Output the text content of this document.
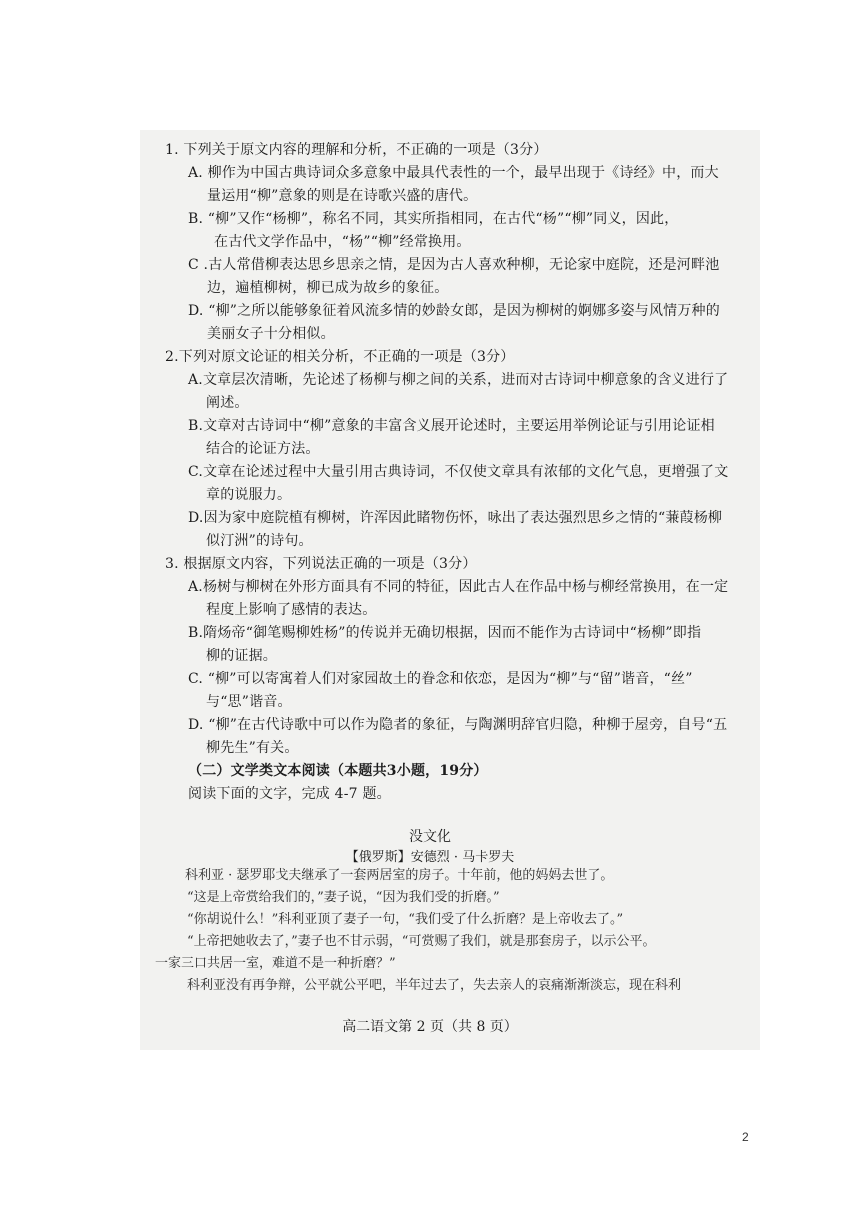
1. 下列关于原文内容的理解和分析，不正确的一项是（3分）
A. 柳作为中国古典诗词众多意象中最具代表性的一个，最早出现于《诗经》中，而大
量运用“柳”意象的则是在诗歌兴盛的唐代。
B. “柳”又作“杨柳”，称名不同，其实所指相同，在古代“杨”“柳”同义，因此，
在古代文学作品中，“杨”“柳”经常换用。
C .古人常借柳表达思乡思亲之情，是因为古人喜欢种柳，无论家中庭院，还是河畔池
边，遍植柳树，柳已成为故乡的象征。
D. “柳”之所以能够象征着风流多情的妙龄女郎，是因为柳树的婀娜多姿与风情万种的
美丽女子十分相似。
2.下列对原文论证的相关分析，不正确的一项是（3分）
A.文章层次清晰，先论述了杨柳与柳之间的关系，进而对古诗词中柳意象的含义进行了
阐述。
B.文章对古诗词中“柳”意象的丰富含义展开论述时，主要运用举例论证与引用论证相
结合的论证方法。
C.文章在论述过程中大量引用古典诗词，不仅使文章具有浓郁的文化气息，更增强了文
章的说服力。
D.因为家中庭院植有柳树，许浑因此睹物伤怀，咏出了表达强烈思乡之情的“蒹葭杨柳
似汀洲”的诗句。
3. 根据原文内容，下列说法正确的一项是（3分）
A.杨树与柳树在外形方面具有不同的特征，因此古人在作品中杨与柳经常换用，在一定
程度上影响了感情的表达。
B.隋炀帝“御笔赐柳姓杨”的传说并无确切根据，因而不能作为古诗词中“杨柳”即指
柳的证据。
C. “柳”可以寄寓着人们对家园故土的眷念和依恋，是因为“柳”与“留”谐音，“丝”
与“思”谐音。
D. “柳”在古代诗歌中可以作为隐者的象征，与陶渊明辞官归隐，种柳于屋旁，自号“五
柳先生”有关。
（二）文学类文本阅读（本题共3小题，19分）
阅读下面的文字，完成 4-7 题。
没文化
【俄罗斯】安德烈 · 马卡罗夫
科利亚 · 瑟罗耶戈夫继承了一套两居室的房子。十年前，他的妈妈去世了。
“这是上帝赏给我们的，”妻子说，“因为我们受的折磨。”
“你胡说什么！”科利亚顶了妻子一句，“我们受了什么折磨？是上帝收去了。”
“上帝把她收去了，”妻子也不甘示弱，“可赏赐了我们，就是那套房子，以示公平。
一家三口共居一室，难道不是一种折磨？”
科利亚没有再争辩，公平就公平吧，半年过去了，失去亲人的哀痛渐渐淡忘，现在科利
高二语文第 2 页（共 8 页）
2
